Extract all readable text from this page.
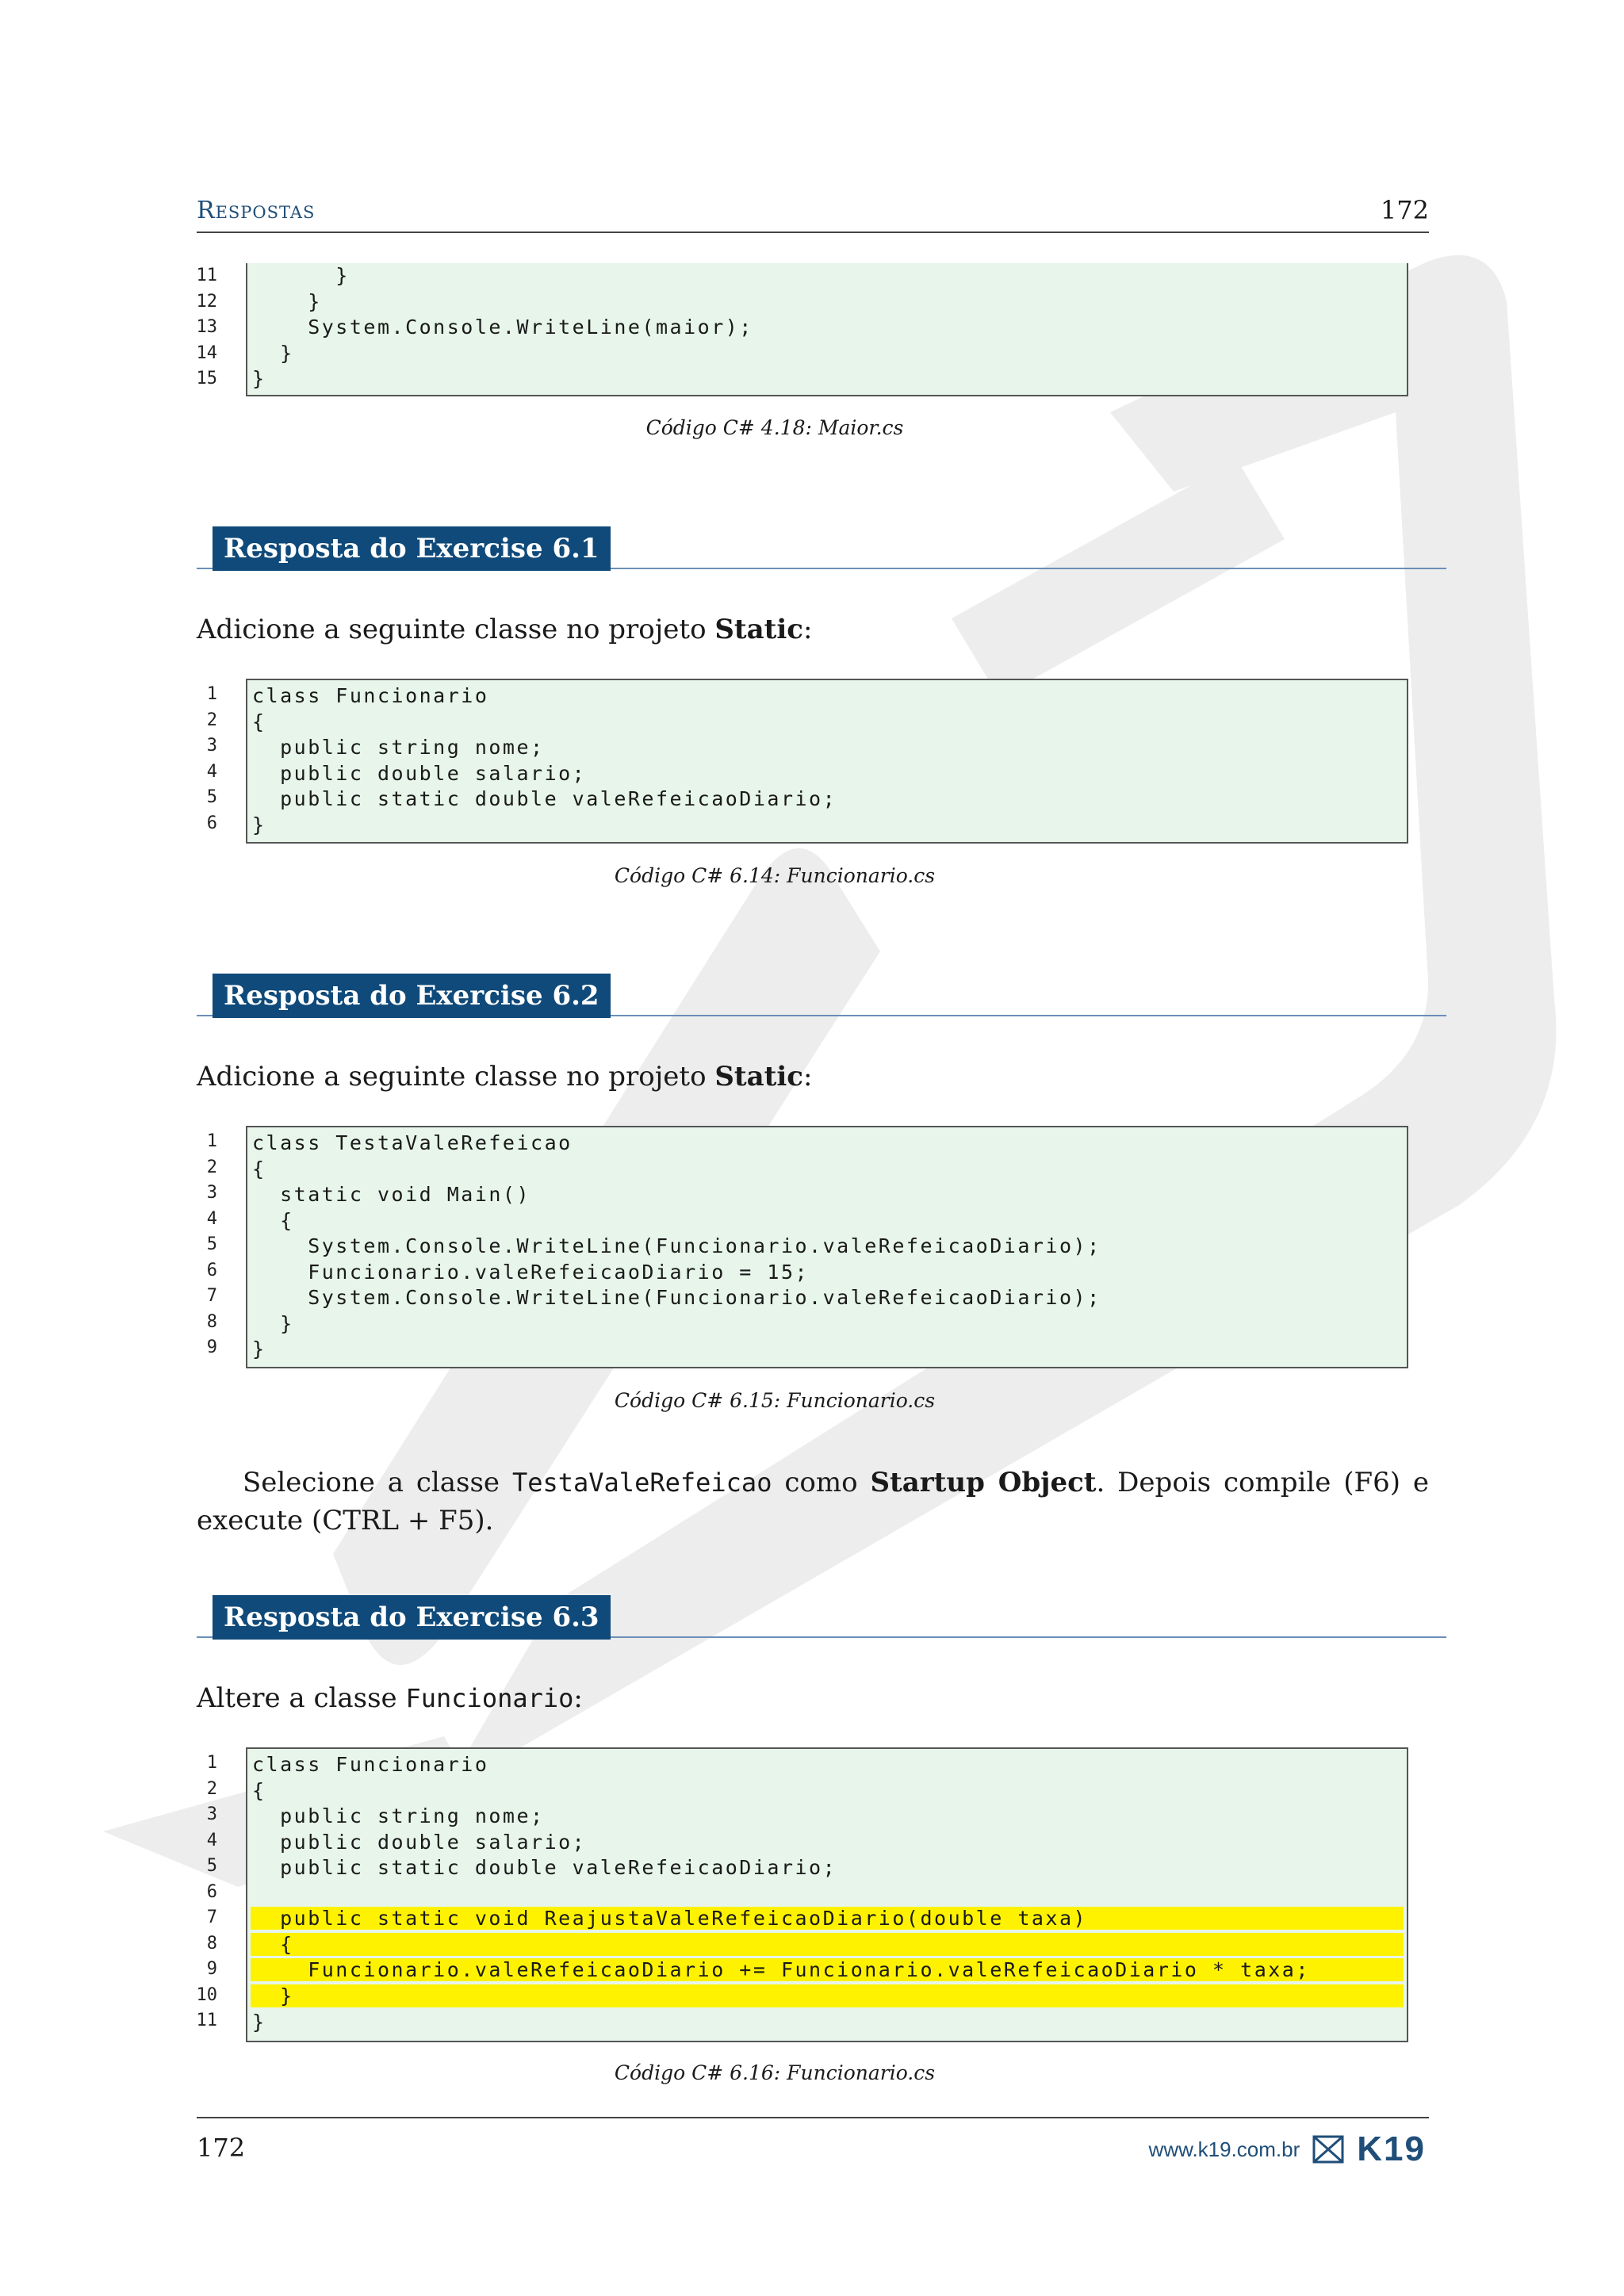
Respostas	172
}
}
System.Console.WriteLine(maior);
}
}
11
12
13
14
15
Código C# 4.18: Maior.cs
Resposta do Exercise 6.1
Adicione a seguinte classe no projeto Static:
class Funcionario
{
public string nome;
public double salario;
public static double valeRefeicaoDiario;
}
1
2
3
4
5
6
Código C# 6.14: Funcionario.cs
Resposta do Exercise 6.2
Adicione a seguinte classe no projeto Static:
class TestaValeRefeicao
{
static void Main()
{
System.Console.WriteLine(Funcionario.valeRefeicaoDiario);
Funcionario.valeRefeicaoDiario = 15;
System.Console.WriteLine(Funcionario.valeRefeicaoDiario);
}
}
1
2
3
4
5
6
7
8
9
Código C# 6.15: Funcionario.cs
Selecione a classe TestaValeRefeicao como Startup Object. Depois compile (F6) e execute (CTRL + F5).
Resposta do Exercise 6.3
Altere a classe Funcionario:
class Funcionario
{
public string nome;
public double salario;
public static double valeRefeicaoDiario;
public static void ReajustaValeRefeicaoDiario(double taxa)
{
Funcionario.valeRefeicaoDiario += Funcionario.valeRefeicaoDiario * taxa;
}
}
1
2
3
4
5
6
7
8
9
10
11
Código C# 6.16: Funcionario.cs
172	www.k19.com.br K19
